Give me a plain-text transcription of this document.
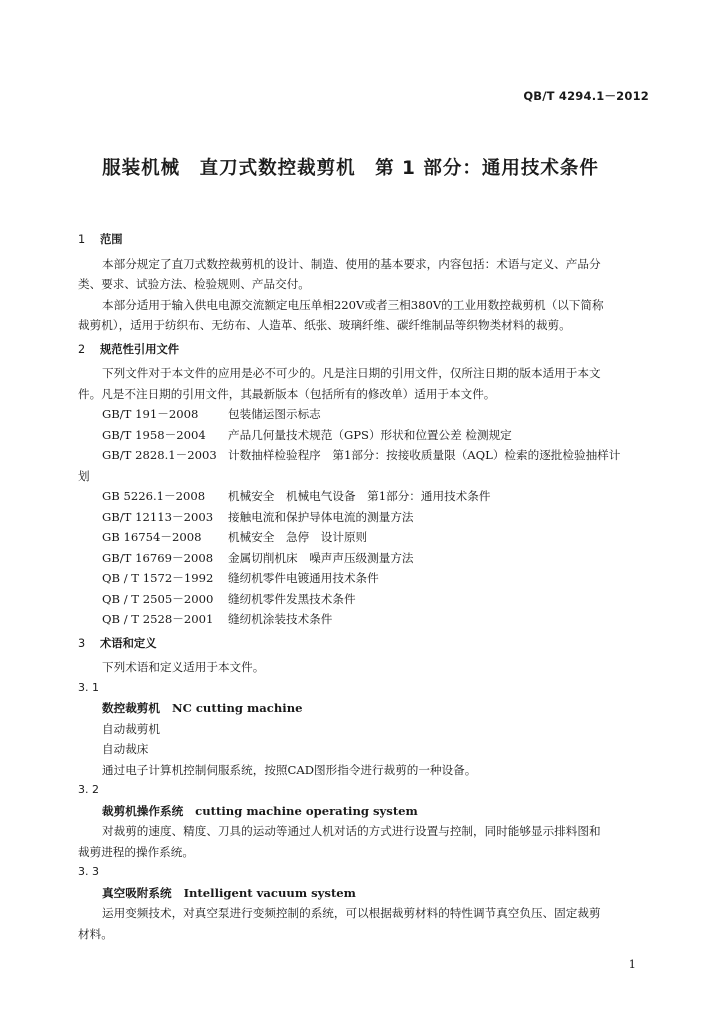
QB/T 4294.1－2012
服装机械　直刀式数控裁剪机　第 1 部分：通用技术条件
1 范围
本部分规定了直刀式数控裁剪机的设计、制造、使用的基本要求，内容包括：术语与定义、产品分
类、要求、试验方法、检验规则、产品交付。
本部分适用于输入供电电源交流额定电压单相220V或者三相380V的工业用数控裁剪机（以下简称
裁剪机），适用于纺织布、无纺布、人造革、纸张、玻璃纤维、碳纤维制品等织物类材料的裁剪。
2 规范性引用文件
下列文件对于本文件的应用是必不可少的。凡是注日期的引用文件，仅所注日期的版本适用于本文
件。凡是不注日期的引用文件，其最新版本（包括所有的修改单）适用于本文件。
GB/T 191－2008	包装储运图示标志
GB/T 1958－2004 产品几何量技术规范（GPS）形状和位置公差 检测规定
GB/T 2828.1－2003 计数抽样检验程序　第1部分：按接收质量限（AQL）检索的逐批检验抽样计
划
GB 5226.1－2008 机械安全　机械电气设备　第1部分：通用技术条件
GB/T 12113－2003 接触电流和保护导体电流的测量方法
GB 16754－2008 机械安全　急停　设计原则
GB/T 16769－2008 金属切削机床　噪声声压级测量方法
QB / T 1572－1992 缝纫机零件电镀通用技术条件
QB / T 2505－2000 缝纫机零件发黑技术条件
QB / T 2528－2001 缝纫机涂装技术条件
3 术语和定义
下列术语和定义适用于本文件。
3. 1
数控裁剪机 NC cutting machine
自动裁剪机
自动裁床
通过电子计算机控制伺服系统，按照CAD图形指令进行裁剪的一种设备。
3. 2
裁剪机操作系统 cutting machine operating system
对裁剪的速度、精度、刀具的运动等通过人机对话的方式进行设置与控制，同时能够显示排料图和
裁剪进程的操作系统。
3. 3
真空吸附系统 Intelligent vacuum system
运用变频技术，对真空泵进行变频控制的系统，可以根据裁剪材料的特性调节真空负压、固定裁剪
材料。
1
